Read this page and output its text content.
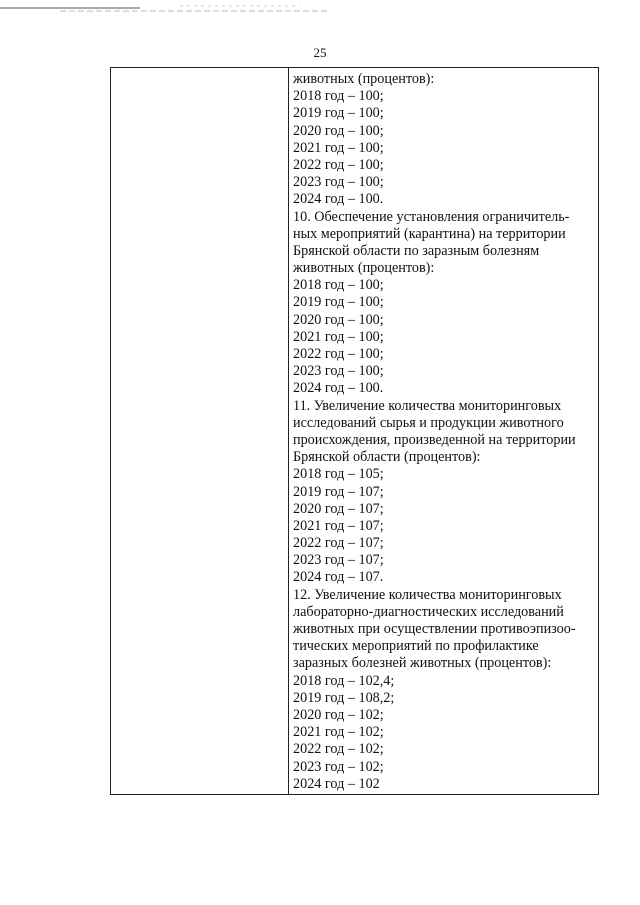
25
животных (процентов):
2018 год – 100;
2019 год – 100;
2020 год – 100;
2021 год – 100;
2022 год – 100;
2023 год – 100;
2024 год – 100.
10. Обеспечение установления ограничитель-
ных мероприятий (карантина) на территории
Брянской области по заразным болезням
животных (процентов):
2018 год – 100;
2019 год – 100;
2020 год – 100;
2021 год – 100;
2022 год – 100;
2023 год – 100;
2024 год – 100.
11. Увеличение количества мониторинговых
исследований сырья и продукции животного
происхождения, произведенной на территории
Брянской области (процентов):
2018 год – 105;
2019 год – 107;
2020 год – 107;
2021 год – 107;
2022 год – 107;
2023 год – 107;
2024 год – 107.
12. Увеличение количества мониторинговых
лабораторно-диагностических исследований
животных при осуществлении противоэпизоо-
тических мероприятий по профилактике
заразных болезней животных (процентов):
2018 год – 102,4;
2019 год – 108,2;
2020 год – 102;
2021 год – 102;
2022 год – 102;
2023 год – 102;
2024 год – 102
